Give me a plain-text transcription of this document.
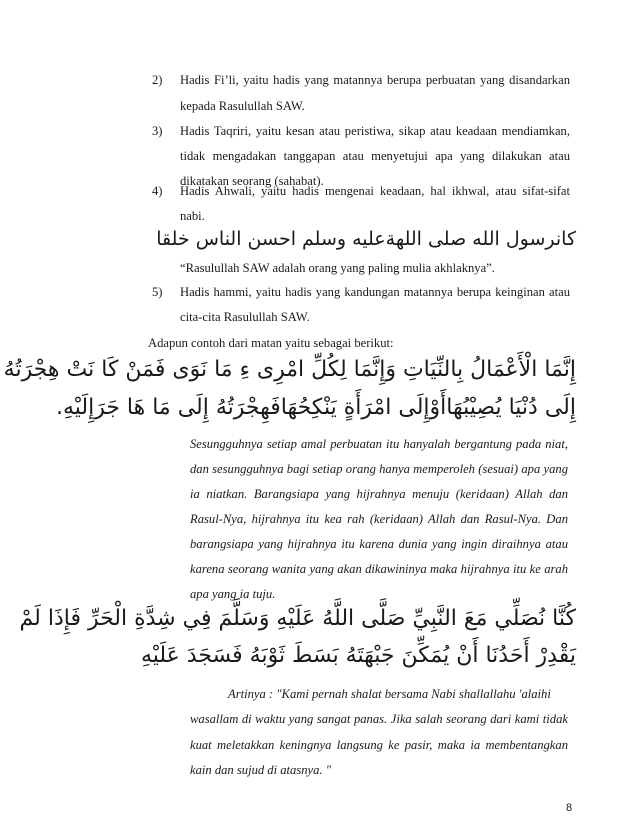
2) Hadis Fi’li, yaitu hadis yang matannya berupa perbuatan yang disandarkan
kepada Rasulullah SAW.
3) Hadis Taqriri, yaitu kesan atau peristiwa, sikap atau keadaan mendiamkan,
tidak mengadakan tanggapan atau menyetujui apa yang dilakukan atau
dikatakan seorang (sahabat).
4) Hadis Ahwali, yaitu hadis mengenai keadaan, hal ikhwal, atau sifat-sifat
nabi.
كانرسول الله صلى اللهةعليه وسلم احسن الناس خلقا
“Rasulullah SAW adalah orang yang paling mulia akhlaknya”.
5) Hadis hammi, yaitu hadis yang kandungan matannya berupa keinginan atau
cita-cita Rasulullah SAW.
Adapun contoh dari matan yaitu sebagai berikut:
إِنَّمَا الْأَعْمَالُ بِالنِّيَاتِ وَإِنَّمَا لِكُلِّ امْرِى ءِ مَا نَوَى فَمَنْ كَا نَتْ هِجْرَتُهُ
إِلَى دُنْيَا يُصِيْبُهَاأَوْإِلَى امْرَأَةٍ يَنْكِحُهَافَهِجْرَتُهُ إِلَى مَا هَا جَرَإِلَيْهِ.
Sesungguhnya setiap amal perbuatan itu hanyalah bergantung pada niat,
dan sesungguhnya bagi setiap orang hanya memperoleh (sesuai) apa yang
ia niatkan. Barangsiapa yang hijrahnya menuju (keridaan) Allah dan
Rasul-Nya, hijrahnya itu kea rah (keridaan) Allah dan Rasul-Nya. Dan
barangsiapa yang hijrahnya itu karena dunia yang ingin diraihnya atau
karena seorang wanita yang akan dikawininya maka hijrahnya itu ke arah
apa yang ia tuju.
كُنَّا نُصَلِّي مَعَ النَّبِيِّ صَلَّى اللَّهُ عَلَيْهِ وَسَلَّمَ فِي شِدَّةِ الْحَرِّ فَإِذَا لَمْ
يَقْدِرْ أَحَدُنَا أَنْ يُمَكِّنَ جَبْهَتَهُ بَسَطَ ثَوْبَهُ فَسَجَدَ عَلَيْهِ
Artinya : "Kami pernah shalat bersama Nabi shallallahu 'alaihi
wasallam di waktu yang sangat panas. Jika salah seorang dari kami tidak
kuat meletakkan keningnya langsung ke pasir, maka ia membentangkan
kain dan sujud di atasnya. "
8
